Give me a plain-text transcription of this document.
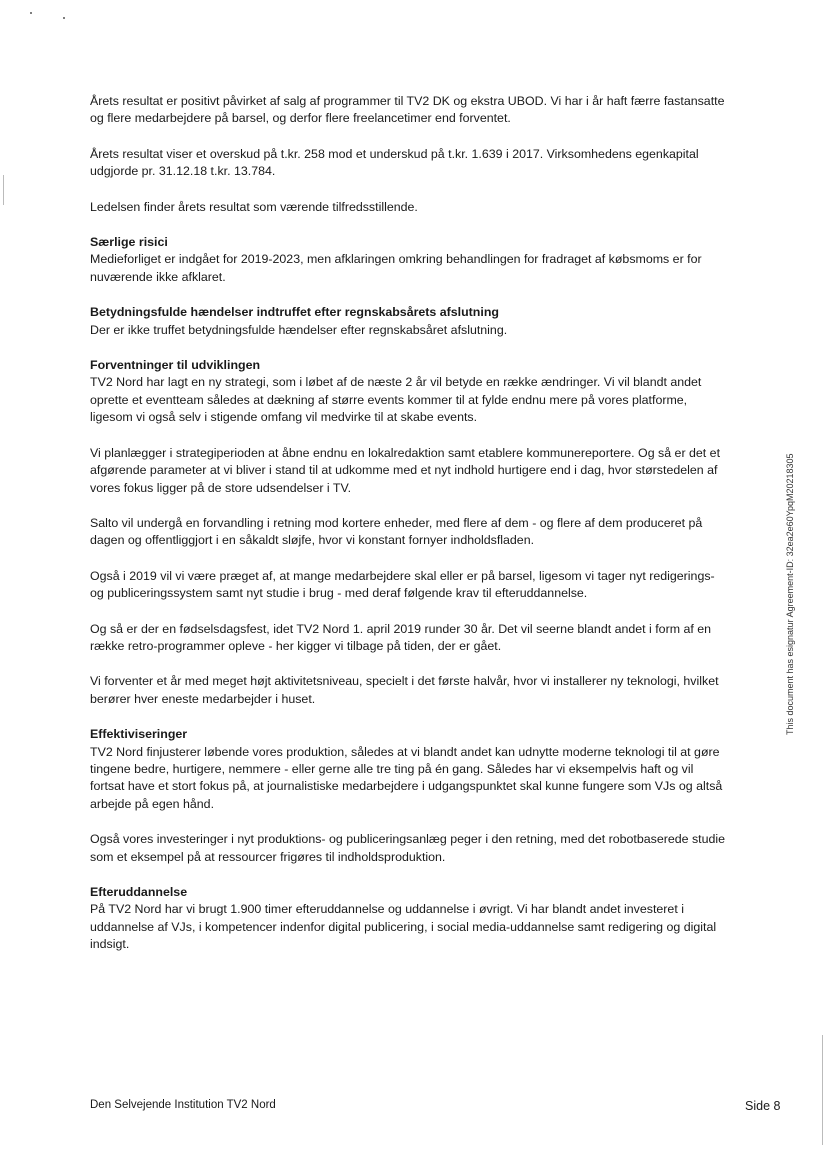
Årets resultat er positivt påvirket af salg af programmer til TV2 DK og ekstra UBOD. Vi har i år haft færre fastansatte og flere medarbejdere på barsel, og derfor flere freelancetimer end forventet.

Årets resultat viser et overskud på t.kr. 258 mod et underskud på t.kr. 1.639 i 2017. Virksomhedens egenkapital udgjorde pr. 31.12.18 t.kr. 13.784.

Ledelsen finder årets resultat som værende tilfredsstillende.

Særlige risici
Medieforliget er indgået for 2019-2023, men afklaringen omkring behandlingen for fradraget af købsmoms er for nuværende ikke afklaret.

Betydningsfulde hændelser indtruffet efter regnskabsårets afslutning
Der er ikke truffet betydningsfulde hændelser efter regnskabsåret afslutning.

Forventninger til udviklingen
TV2 Nord har lagt en ny strategi, som i løbet af de næste 2 år vil betyde en række ændringer. Vi vil blandt andet oprette et eventteam således at dækning af større events kommer til at fylde endnu mere på vores platforme, ligesom vi også selv i stigende omfang vil medvirke til at skabe events.

Vi planlægger i strategiperioden at åbne endnu en lokalredaktion samt etablere kommunereportere. Og så er det et afgørende parameter at vi bliver i stand til at udkomme med et nyt indhold hurtigere end i dag, hvor størstedelen af vores fokus ligger på de store udsendelser i TV.

Salto vil undergå en forvandling i retning mod kortere enheder, med flere af dem - og flere af dem produceret på dagen og offentliggjort i en såkaldt sløjfe, hvor vi konstant fornyer indholdsfladen.

Også i 2019 vil vi være præget af, at mange medarbejdere skal eller er på barsel, ligesom vi tager nyt redigerings- og publiceringssystem samt nyt studie i brug - med deraf følgende krav til efteruddannelse.

Og så er der en fødselsdagsfest, idet TV2 Nord 1. april 2019 runder 30 år. Det vil seerne blandt andet i form af en række retro-programmer opleve - her kigger vi tilbage på tiden, der er gået.

Vi forventer et år med meget højt aktivitetsniveau, specielt i det første halvår, hvor vi installerer ny teknologi, hvilket berører hver eneste medarbejder i huset.

Effektiviseringer
TV2 Nord finjusterer løbende vores produktion, således at vi blandt andet kan udnytte moderne teknologi til at gøre tingene bedre, hurtigere, nemmere - eller gerne alle tre ting på én gang. Således har vi eksempelvis haft og vil fortsat have et stort fokus på, at journalistiske medarbejdere i udgangspunktet skal kunne fungere som VJs og altså arbejde på egen hånd.

Også vores investeringer i nyt produktions- og publiceringsanlæg peger i den retning, med det robotbaserede studie som et eksempel på at ressourcer frigøres til indholdsproduktion.

Efteruddannelse
På TV2 Nord har vi brugt 1.900 timer efteruddannelse og uddannelse i øvrigt. Vi har blandt andet investeret i uddannelse af VJs, i kompetencer indenfor digital publicering, i social media-uddannelse samt redigering og digital indsigt.

This document has esignatur Agreement-ID: 32ea2e60YpqM20218305
Den Selvejende Institution TV2 Nord	Side 8
